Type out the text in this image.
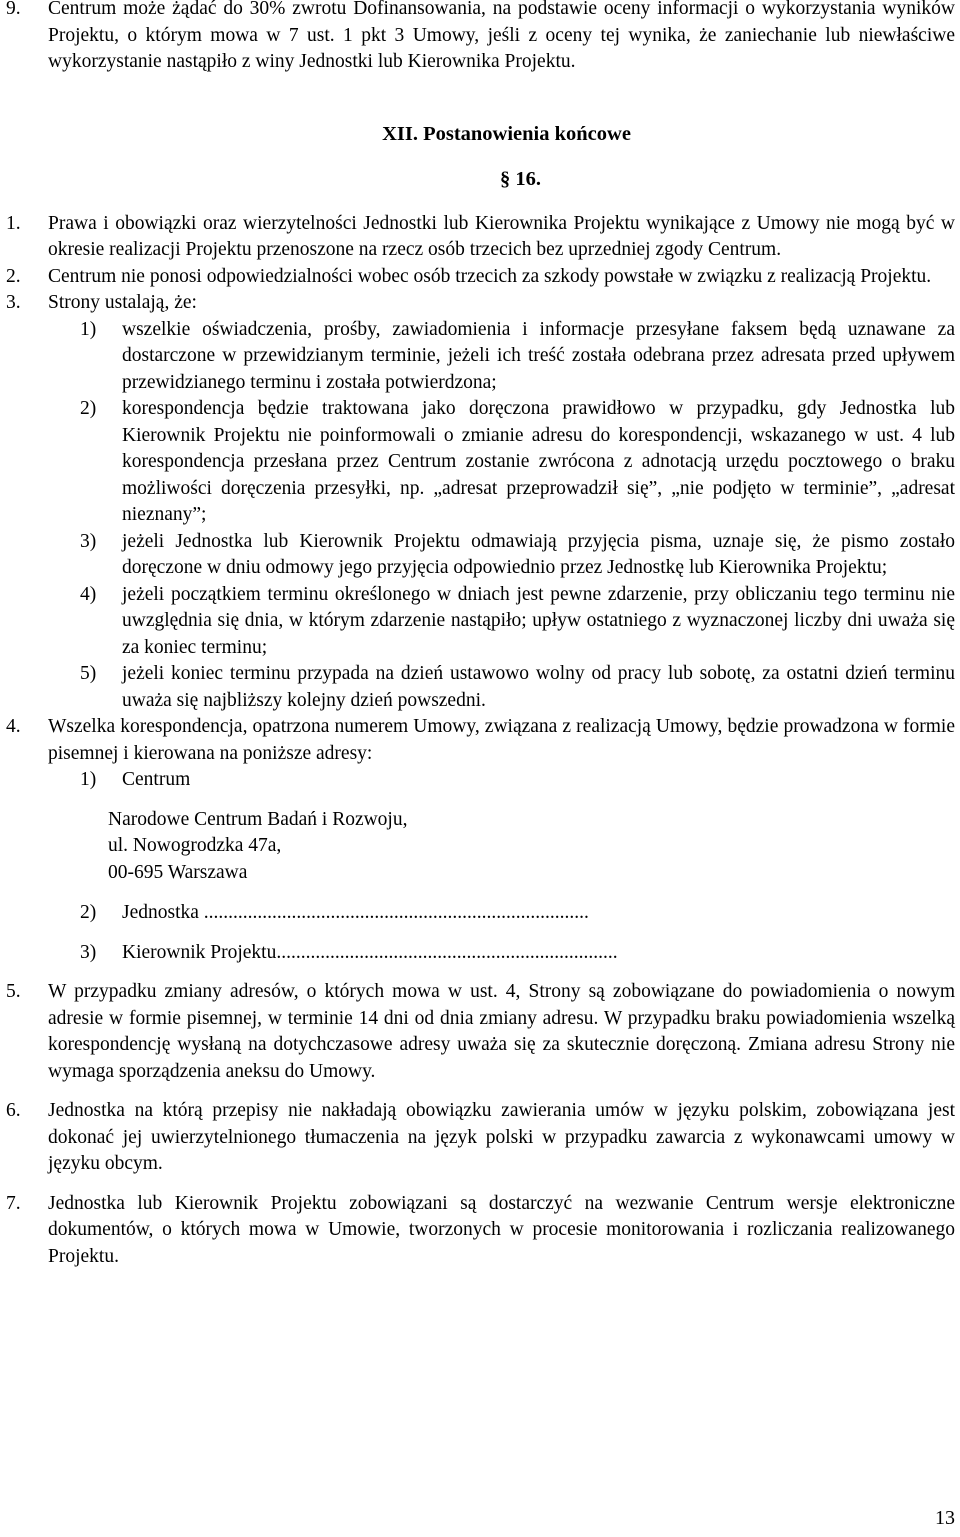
9. Centrum może żądać do 30% zwrotu Dofinansowania, na podstawie oceny informacji o wykorzystania wyników Projektu, o którym mowa w 7 ust. 1 pkt 3 Umowy, jeśli z oceny tej wynika, że zaniechanie lub niewłaściwe wykorzystanie nastąpiło z winy Jednostki lub Kierownika Projektu.
XII. Postanowienia końcowe
§ 16.
1. Prawa i obowiązki oraz wierzytelności Jednostki lub Kierownika Projektu wynikające z Umowy nie mogą być w okresie realizacji Projektu przenoszone na rzecz osób trzecich bez uprzedniej zgody Centrum.
2. Centrum nie ponosi odpowiedzialności wobec osób trzecich za szkody powstałe w związku z realizacją Projektu.
3. Strony ustalają, że:
1) wszelkie oświadczenia, prośby, zawiadomienia i informacje przesyłane faksem będą uznawane za dostarczone w przewidzianym terminie, jeżeli ich treść została odebrana przez adresata przed upływem przewidzianego terminu i została potwierdzona;
2) korespondencja będzie traktowana jako doręczona prawidłowo w przypadku, gdy Jednostka lub Kierownik Projektu nie poinformowali o zmianie adresu do korespondencji, wskazanego w ust. 4 lub korespondencja przesłana przez Centrum zostanie zwrócona z adnotacją urzędu pocztowego o braku możliwości doręczenia przesyłki, np. „adresat przeprowadził się”, „nie podjęto w terminie”, „adresat nieznany”;
3) jeżeli Jednostka lub Kierownik Projektu odmawiają przyjęcia pisma, uznaje się, że pismo zostało doręczone w dniu odmowy jego przyjęcia odpowiednio przez Jednostkę lub Kierownika Projektu;
4) jeżeli początkiem terminu określonego w dniach jest pewne zdarzenie, przy obliczaniu tego terminu nie uwzględnia się dnia, w którym zdarzenie nastąpiło; upływ ostatniego z wyznaczonej liczby dni uważa się za koniec terminu;
5) jeżeli koniec terminu przypada na dzień ustawowo wolny od pracy lub sobotę, za ostatni dzień terminu uważa się najbliższy kolejny dzień powszedni.
4. Wszelka korespondencja, opatrzona numerem Umowy, związana z realizacją Umowy, będzie prowadzona w formie pisemnej i kierowana na poniższe adresy:
1) Centrum
Narodowe Centrum Badań i Rozwoju,
ul. Nowogrodzka 47a,
00-695 Warszawa
2) Jednostka ...............................................................................
3) Kierownik Projektu......................................................................
5. W przypadku zmiany adresów, o których mowa w ust. 4, Strony są zobowiązane do powiadomienia o nowym adresie w formie pisemnej, w terminie 14 dni od dnia zmiany adresu. W przypadku braku powiadomienia wszelką korespondencję wysłaną na dotychczasowe adresy uważa się za skutecznie doręczoną. Zmiana adresu Strony nie wymaga sporządzenia aneksu do Umowy.
6. Jednostka na którą przepisy nie nakładają obowiązku zawierania umów w języku polskim, zobowiązana jest dokonać jej uwierzytelnionego tłumaczenia na język polski w przypadku zawarcia z wykonawcami umowy w języku obcym.
7. Jednostka lub Kierownik Projektu zobowiązani są dostarczyć na wezwanie Centrum wersje elektroniczne dokumentów, o których mowa w Umowie, tworzonych w procesie monitorowania i rozliczania realizowanego Projektu.
13
